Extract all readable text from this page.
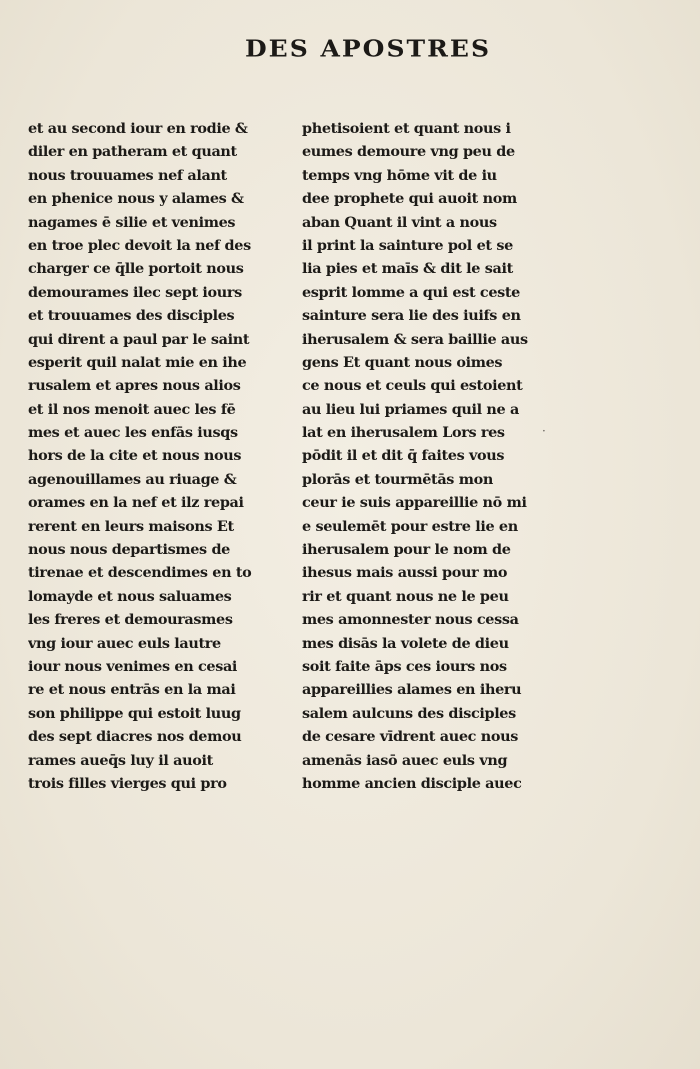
DES APOSTRES
et au second iour en rodie &
diler en patheram et quant
nous trouuames nef alant
en phenice nous y alames &
nagames ē silie et venimes
en troe plec devoit la nef des
charger ce q̄lle portoit nous
demourames ilec sept iours
et trouuames des disciples
qui dirent a paul par le saint
esperit quil nalat mie en ihe
rusalem et apres nous alios
et il nos menoit auec les fē
mes et auec les enfās iusqs
hors de la cite et nous nous
agenouillames au riuage &
orames en la nef et ilz repai
rerent en leurs maisons Et
nous nous departismes de
tirenae et descendimes en to
lomayde et nous saluames
les freres et demourasmes
vng iour auec euls lautre
iour nous venimes en cesai
re et nous entrās en la mai
son philippe qui estoit luug
des sept diacres nos demou
rames aueq̄s luy il auoit
trois filles vierges qui pro
phetisoient et quant nous i
eumes demoure vng peu de
temps vng hōme vit de iu
dee prophete qui auoit nom
aban Quant il vint a nous
il print la sainture pol et se
lia pies et maīs & dit le sait
esprit lomme a qui est ceste
sainture sera lie des iuifs en
iherusalem & sera baillie aus
gens Et quant nous oimes
ce nous et ceuls qui estoient
au lieu lui priames quil ne a
lat en iherusalem Lors res
pōdit il et dit q̄ faites vous
plorās et tourmētās mon
ceur ie suis appareillie nō mi
e seulemēt pour estre lie en
iherusalem pour le nom de
ihesus mais aussi pour mo
rir et quant nous ne le peu
mes amonnester nous cessa
mes disās la volete de dieu
soit faite āps ces iours nos
appareillies alames en iheru
salem aulcuns des disciples
de cesare vīdrent auec nous
amenās iasō auec euls vng
homme ancien disciple auec
·
